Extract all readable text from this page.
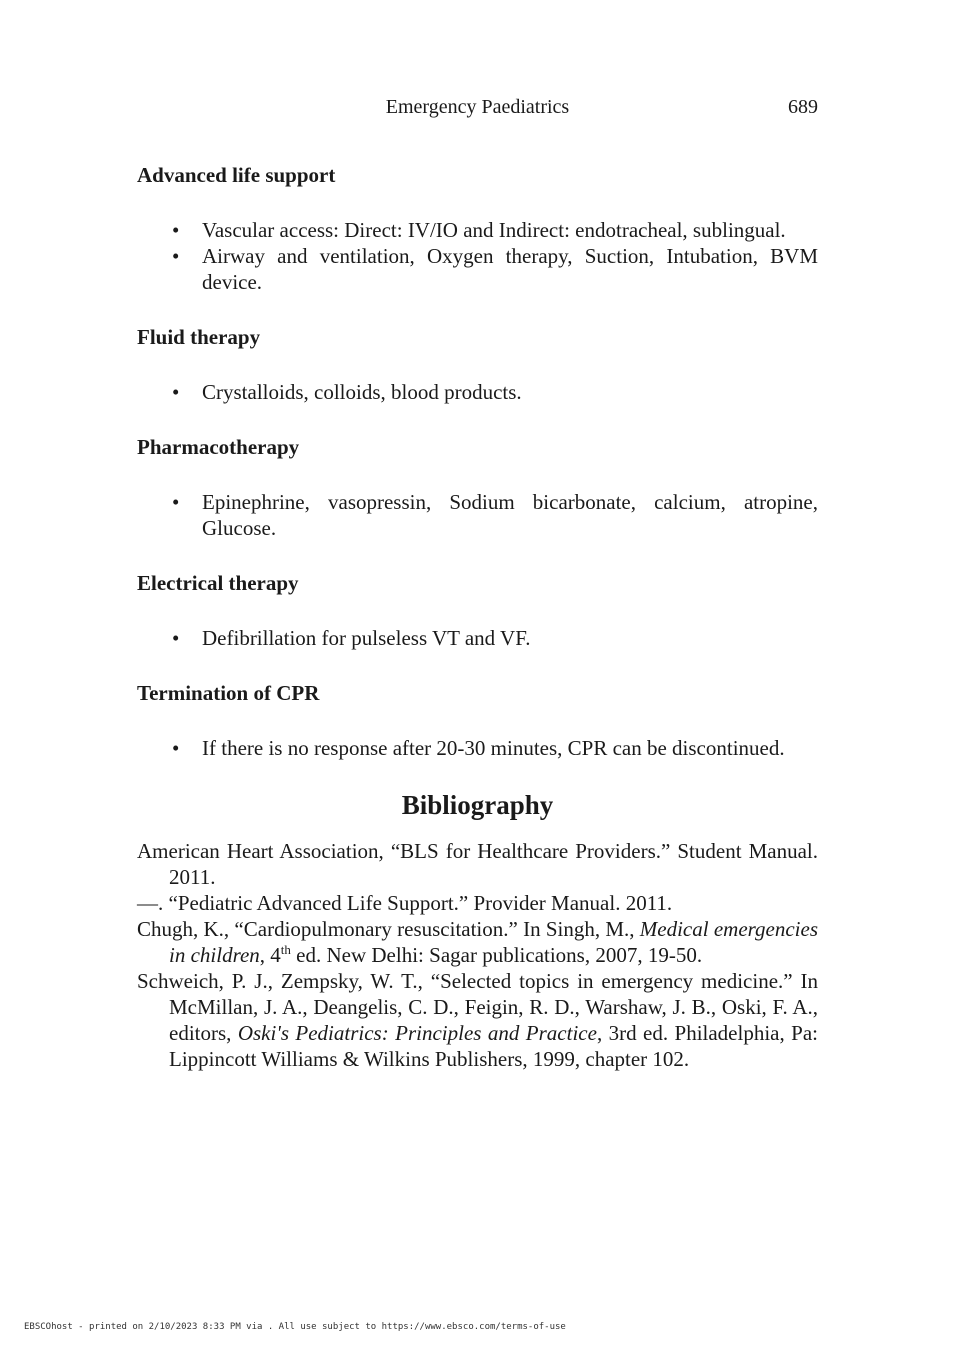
Emergency Paediatrics	689
Advanced life support
• Vascular access: Direct: IV/IO and Indirect: endotracheal, sublingual.
• Airway and ventilation, Oxygen therapy, Suction, Intubation, BVM device.
Fluid therapy
• Crystalloids, colloids, blood products.
Pharmacotherapy
• Epinephrine, vasopressin, Sodium bicarbonate, calcium, atropine, Glucose.
Electrical therapy
• Defibrillation for pulseless VT and VF.
Termination of CPR
• If there is no response after 20-30 minutes, CPR can be discontinued.
Bibliography
American Heart Association, “BLS for Healthcare Providers.” Student Manual. 2011.
—. “Pediatric Advanced Life Support.” Provider Manual. 2011.
Chugh, K., “Cardiopulmonary resuscitation.” In Singh, M., Medical emergencies in children, 4th ed. New Delhi: Sagar publications, 2007, 19-50.
Schweich, P. J., Zempsky, W. T., “Selected topics in emergency medicine.” In McMillan, J. A., Deangelis, C. D., Feigin, R. D., Warshaw, J. B., Oski, F. A., editors, Oski's Pediatrics: Principles and Practice, 3rd ed. Philadelphia, Pa: Lippincott Williams & Wilkins Publishers, 1999, chapter 102.
EBSCOhost - printed on 2/10/2023 8:33 PM via . All use subject to https://www.ebsco.com/terms-of-use
